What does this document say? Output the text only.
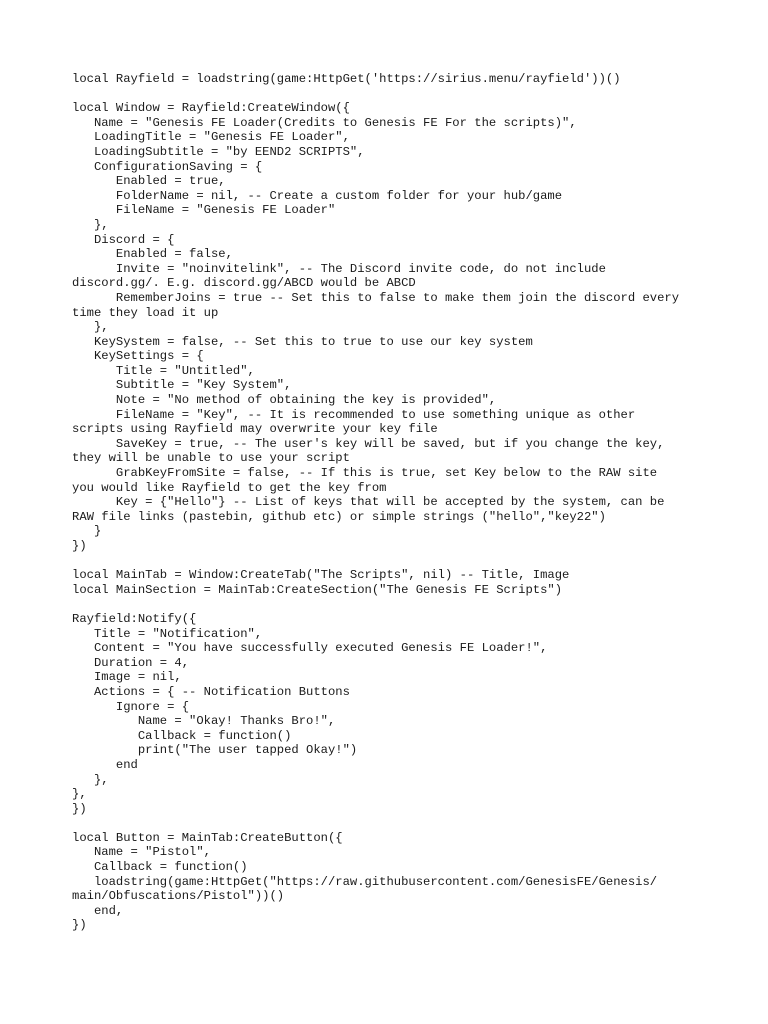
local Rayfield = loadstring(game:HttpGet('https://sirius.menu/rayfield'))()
local Window = Rayfield:CreateWindow({
Name = "Genesis FE Loader(Credits to Genesis FE For the scripts)",
LoadingTitle = "Genesis FE Loader",
LoadingSubtitle = "by EEND2 SCRIPTS",
ConfigurationSaving = {
Enabled = true,
FolderName = nil, -- Create a custom folder for your hub/game
FileName = "Genesis FE Loader"
},
Discord = {
Enabled = false,
Invite = "noinvitelink", -- The Discord invite code, do not include
discord.gg/. E.g. discord.gg/ABCD would be ABCD
RememberJoins = true -- Set this to false to make them join the discord every
time they load it up
},
KeySystem = false, -- Set this to true to use our key system
KeySettings = {
Title = "Untitled",
Subtitle = "Key System",
Note = "No method of obtaining the key is provided",
FileName = "Key", -- It is recommended to use something unique as other
scripts using Rayfield may overwrite your key file
SaveKey = true, -- The user's key will be saved, but if you change the key,
they will be unable to use your script
GrabKeyFromSite = false, -- If this is true, set Key below to the RAW site
you would like Rayfield to get the key from
Key = {"Hello"} -- List of keys that will be accepted by the system, can be
RAW file links (pastebin, github etc) or simple strings ("hello","key22")
}
})
local MainTab = Window:CreateTab("The Scripts", nil) -- Title, Image
local MainSection = MainTab:CreateSection("The Genesis FE Scripts")
Rayfield:Notify({
Title = "Notification",
Content = "You have successfully executed Genesis FE Loader!",
Duration = 4,
Image = nil,
Actions = { -- Notification Buttons
Ignore = {
Name = "Okay! Thanks Bro!",
Callback = function()
print("The user tapped Okay!")
end
},
},
})
local Button = MainTab:CreateButton({
Name = "Pistol",
Callback = function()
loadstring(game:HttpGet("https://raw.githubusercontent.com/GenesisFE/Genesis/
main/Obfuscations/Pistol"))()
end,
})
